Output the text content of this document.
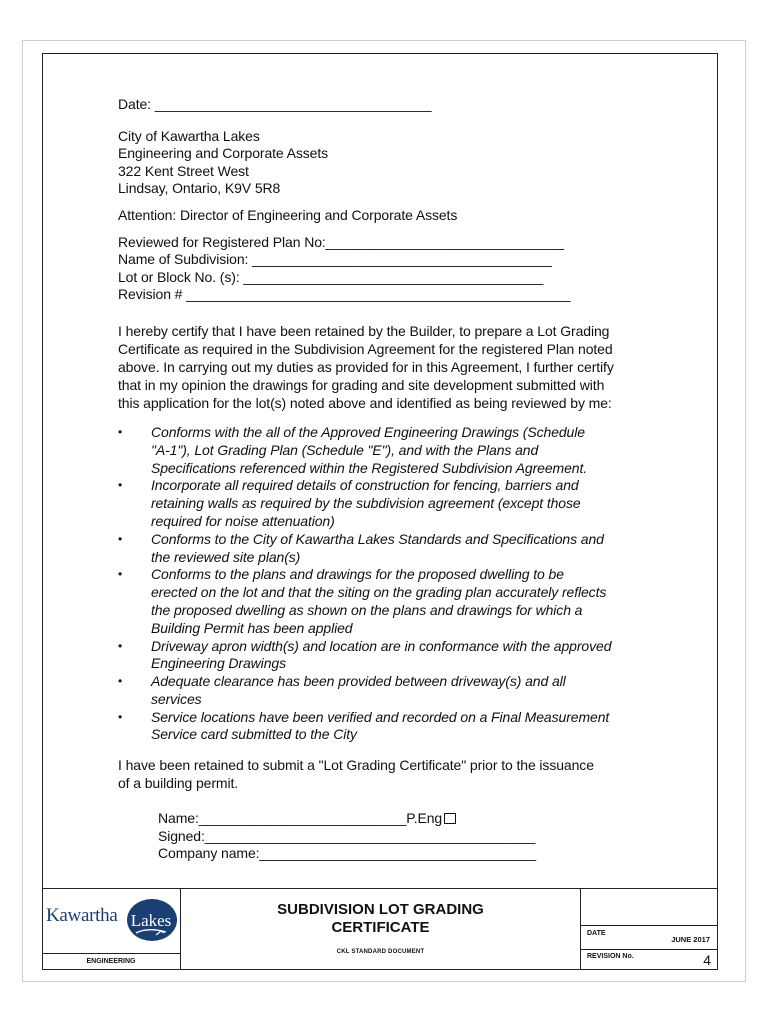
Date: ____________________________________
City of Kawartha Lakes
Engineering and Corporate Assets
322 Kent Street West
Lindsay, Ontario, K9V 5R8
Attention: Director of Engineering and Corporate Assets
Reviewed for Registered Plan No:_______________________________
Name of Subdivision: _______________________________________
Lot or Block No. (s): _______________________________________
Revision # __________________________________________________
I hereby certify that I have been retained by the Builder, to prepare a Lot Grading
Certificate as required in the Subdivision Agreement for the registered Plan noted
above. In carrying out my duties as provided for in this Agreement, I further certify
that in my opinion the drawings for grading and site development submitted with
this application for the lot(s) noted above and identified as being reviewed by me:
• Conforms with the all of the Approved Engineering Drawings (Schedule
"A-1"), Lot Grading Plan (Schedule "E"), and with the Plans and
Specifications referenced within the Registered Subdivision Agreement.
• Incorporate all required details of construction for fencing, barriers and
retaining walls as required by the subdivision agreement (except those
required for noise attenuation)
• Conforms to the City of Kawartha Lakes Standards and Specifications and
the reviewed site plan(s)
• Conforms to the plans and drawings for the proposed dwelling to be
erected on the lot and that the siting on the grading plan accurately reflects
the proposed dwelling as shown on the plans and drawings for which a
Building Permit has been applied
• Driveway apron width(s) and location are in conformance with the approved
Engineering Drawings
• Adequate clearance has been provided between driveway(s) and all
services
• Service locations have been verified and recorded on a Final Measurement
Service card submitted to the City
I have been retained to submit a "Lot Grading Certificate" prior to the issuance
of a building permit.
Name:___________________________P.Eng
Signed:___________________________________________
Company name:____________________________________
Kawartha Lakes
ENGINEERING
SUBDIVISION LOT GRADING
CERTIFICATE
CKL STANDARD DOCUMENT
DATE
JUNE 2017
REVISION No.	4
